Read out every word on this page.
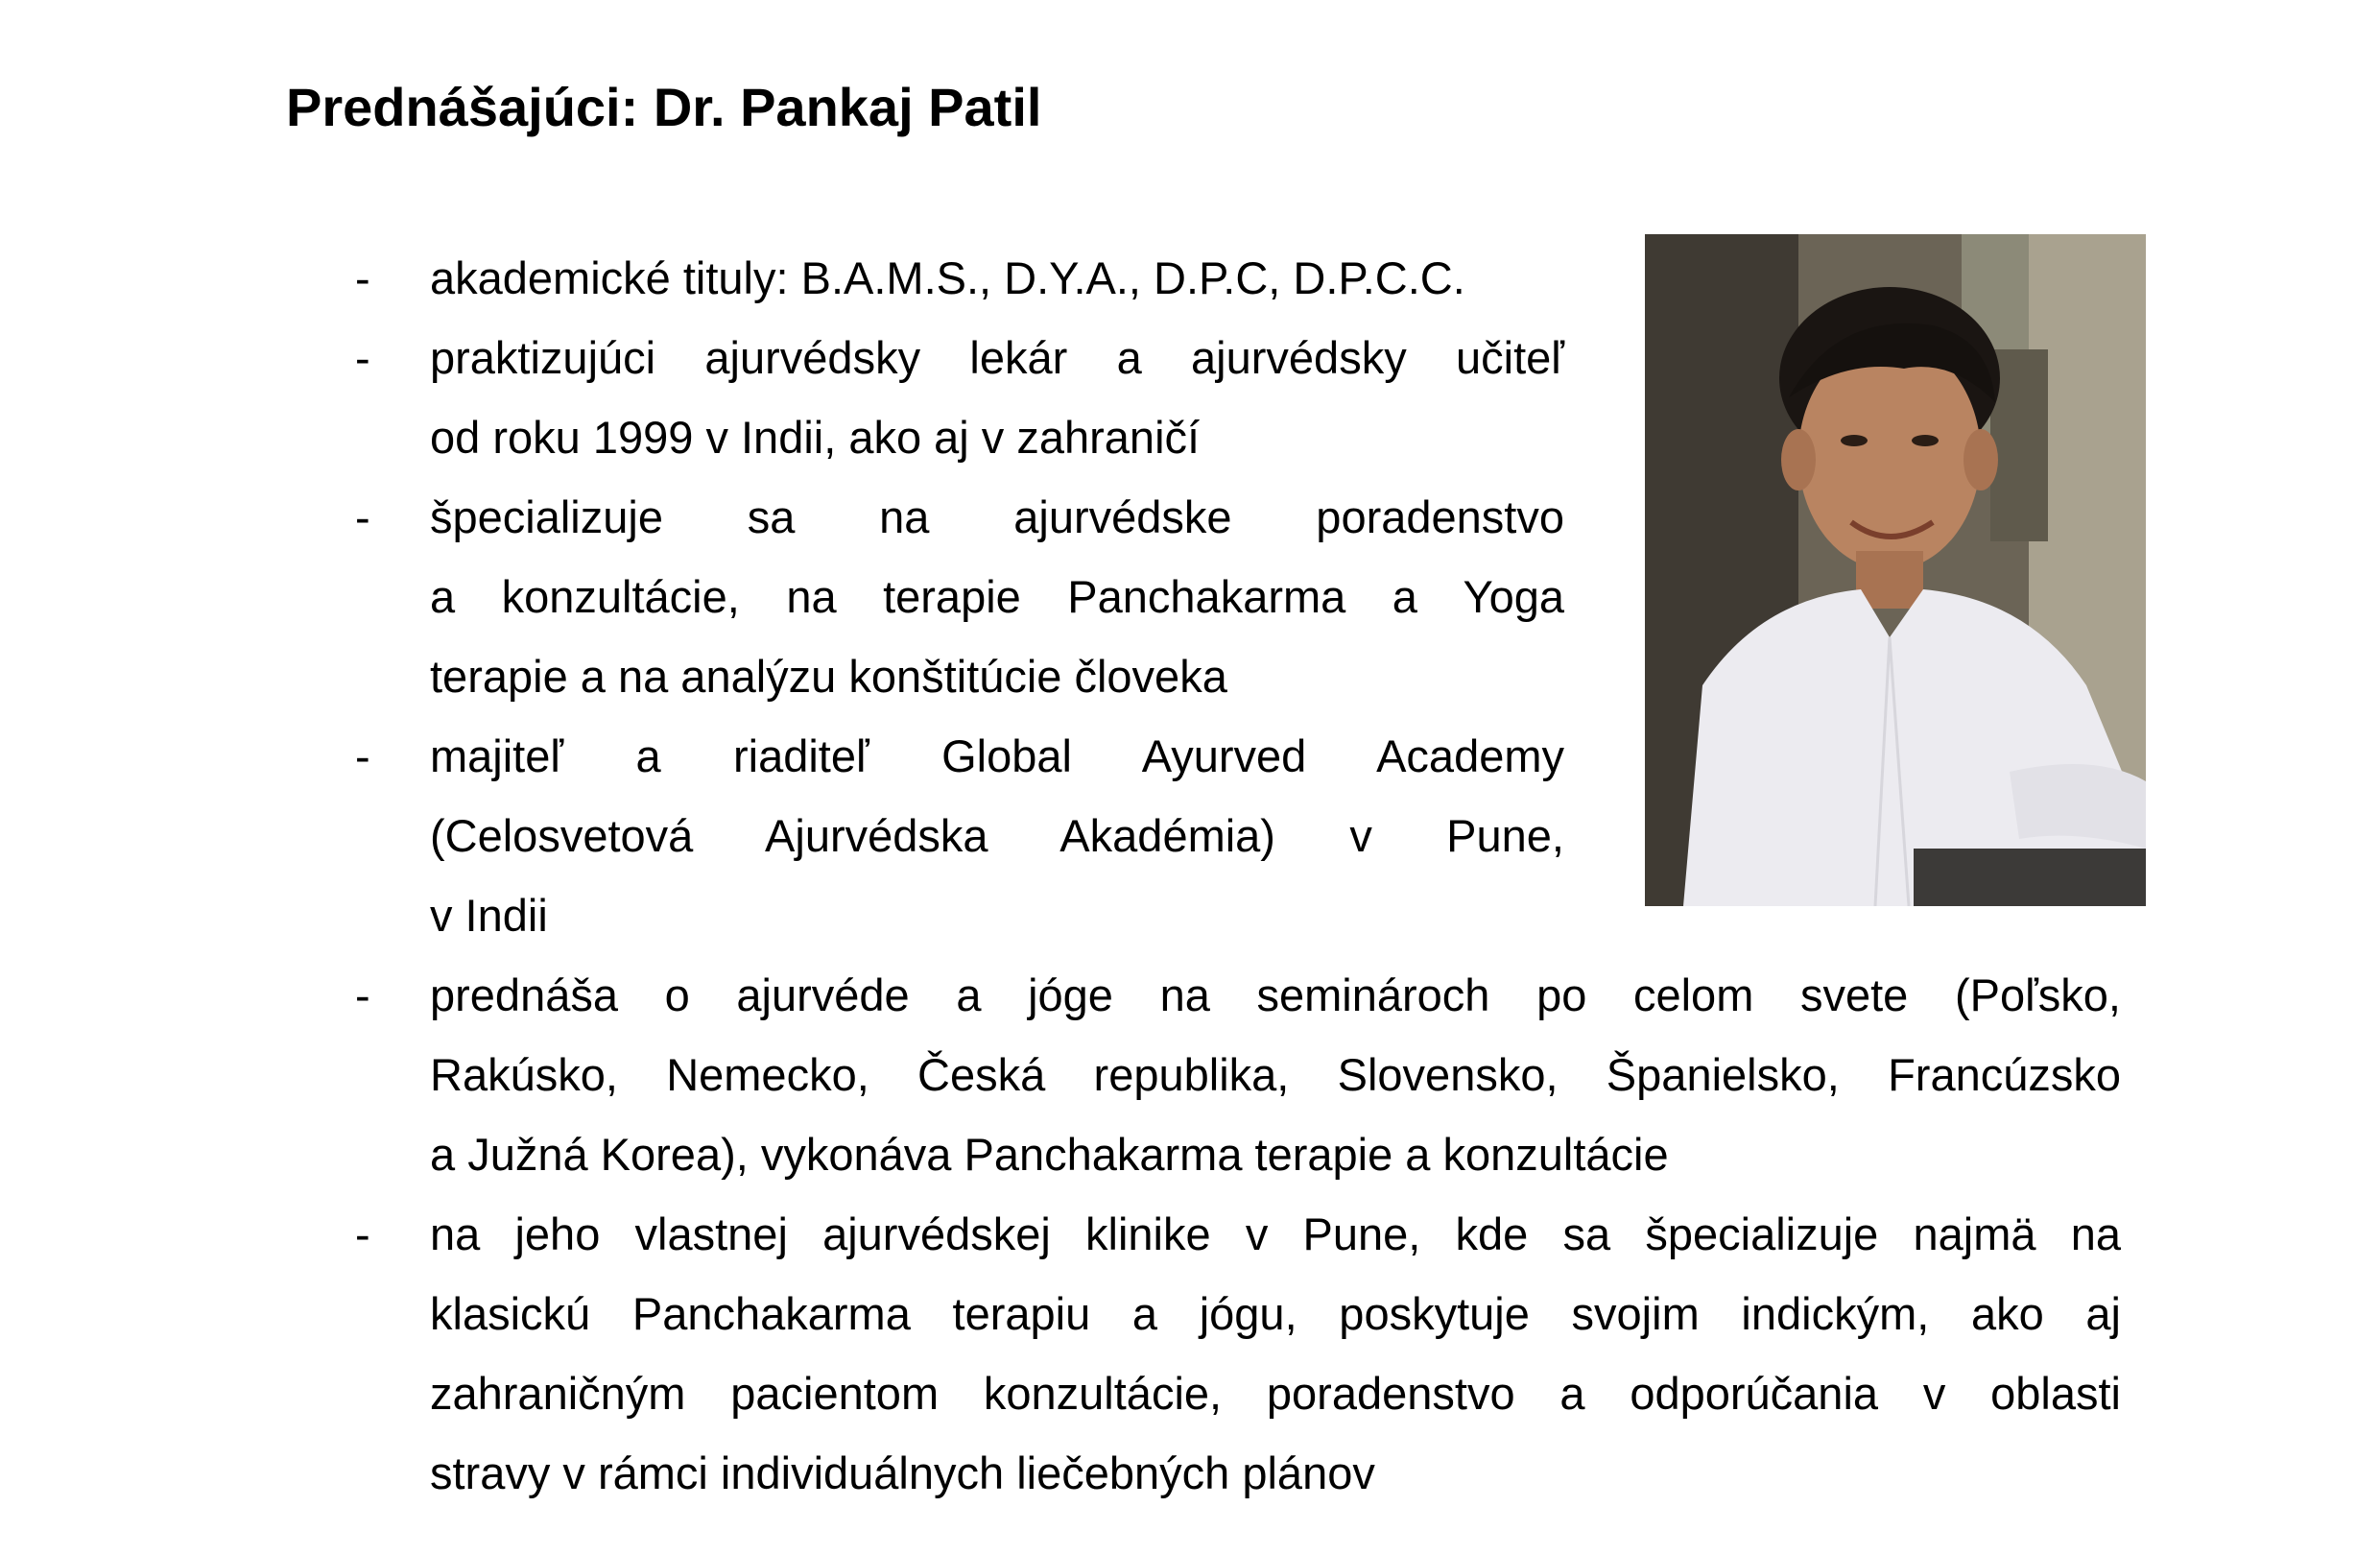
Prednášajúci: Dr. Pankaj Patil
- akademické tituly: B.A.M.S., D.Y.A., D.P.C, D.P.C.C.
- praktizujúci ajurvédsky lekár a ajurvédsky učiteľ
od roku 1999 v Indii, ako aj v zahraničí
- špecializuje sa na ajurvédske poradenstvo
a konzultácie, na terapie Panchakarma a Yoga
terapie a na analýzu konštitúcie človeka
- majiteľ a riaditeľ Global Ayurved Academy
(Celosvetová Ajurvédska Akadémia) v Pune,
v Indii
- prednáša o ajurvéde a jóge na seminároch po celom svete (Poľsko,
Rakúsko, Nemecko, Česká republika, Slovensko, Španielsko, Francúzsko
a Južná Korea), vykonáva Panchakarma terapie a konzultácie
- na jeho vlastnej ajurvédskej klinike v Pune, kde sa špecializuje najmä na
klasickú Panchakarma terapiu a jógu, poskytuje svojim indickým, ako aj
zahraničným pacientom konzultácie, poradenstvo a odporúčania v oblasti
stravy v rámci individuálnych liečebných plánov
